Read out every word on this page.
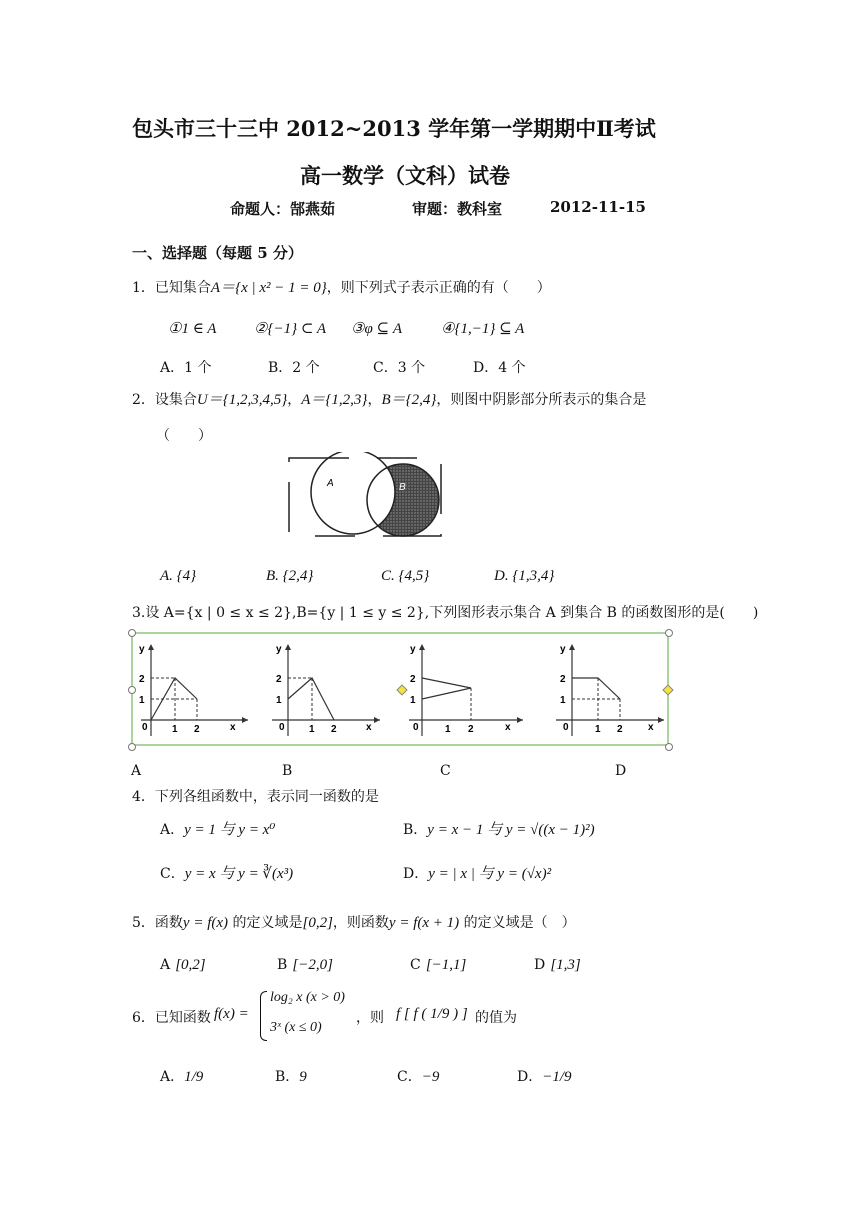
包头市三十三中 2012~2013 学年第一学期期中Ⅱ考试
高一数学（文科）试卷
命题人：郜燕茹	审题：教科室	2012-11-15
一、选择题（每题 5 分）
1．已知集合A＝{x | x² − 1 = 0}，则下列式子表示正确的有（　　）
①1 ∈ A	②{−1} ⊂ A ③φ ⊆ A	④{1,−1} ⊆ A
A．1 个	B．2 个	C．3 个	D．4 个
2．设集合U＝{1,2,3,4,5}，A＝{1,2,3}，B＝{2,4}，则图中阴影部分所表示的集合是
（　　）
A	B
A. {4}	B. {2,4}	C. {4,5}	D. {1,3,4}
3.设 A={x | 0 ≤ x ≤ 2},B={y | 1 ≤ y ≤ 2},下列图形表示集合 A 到集合 B 的函数图形的是(　　)
y
2
1
0 1 2	x
y
2
1
0 1 2	x
y
2
1
0	1 2	x
y
2
1
0	1 2	x
A	B	C	D
4．下列各组函数中，表示同一函数的是
A．y = 1 与 y = x⁰	B．y = x − 1 与 y = √((x − 1)²)
C．y = x 与 y = ∛(x³)	D．y = | x | 与 y = (√x)²
5．函数y = f(x) 的定义域是[0,2]，则函数y = f(x + 1) 的定义域是（　）
A [0,2]	B [−2,0]	C [−1,1]	D [1,3]
6．已知函数 f(x) =
log₂ x (x > 0)
3ˣ (x ≤ 0)
，则 f [ f ( 1/9 ) ] 的值为
A．1/9	B．9	C．−9	D．−1/9
